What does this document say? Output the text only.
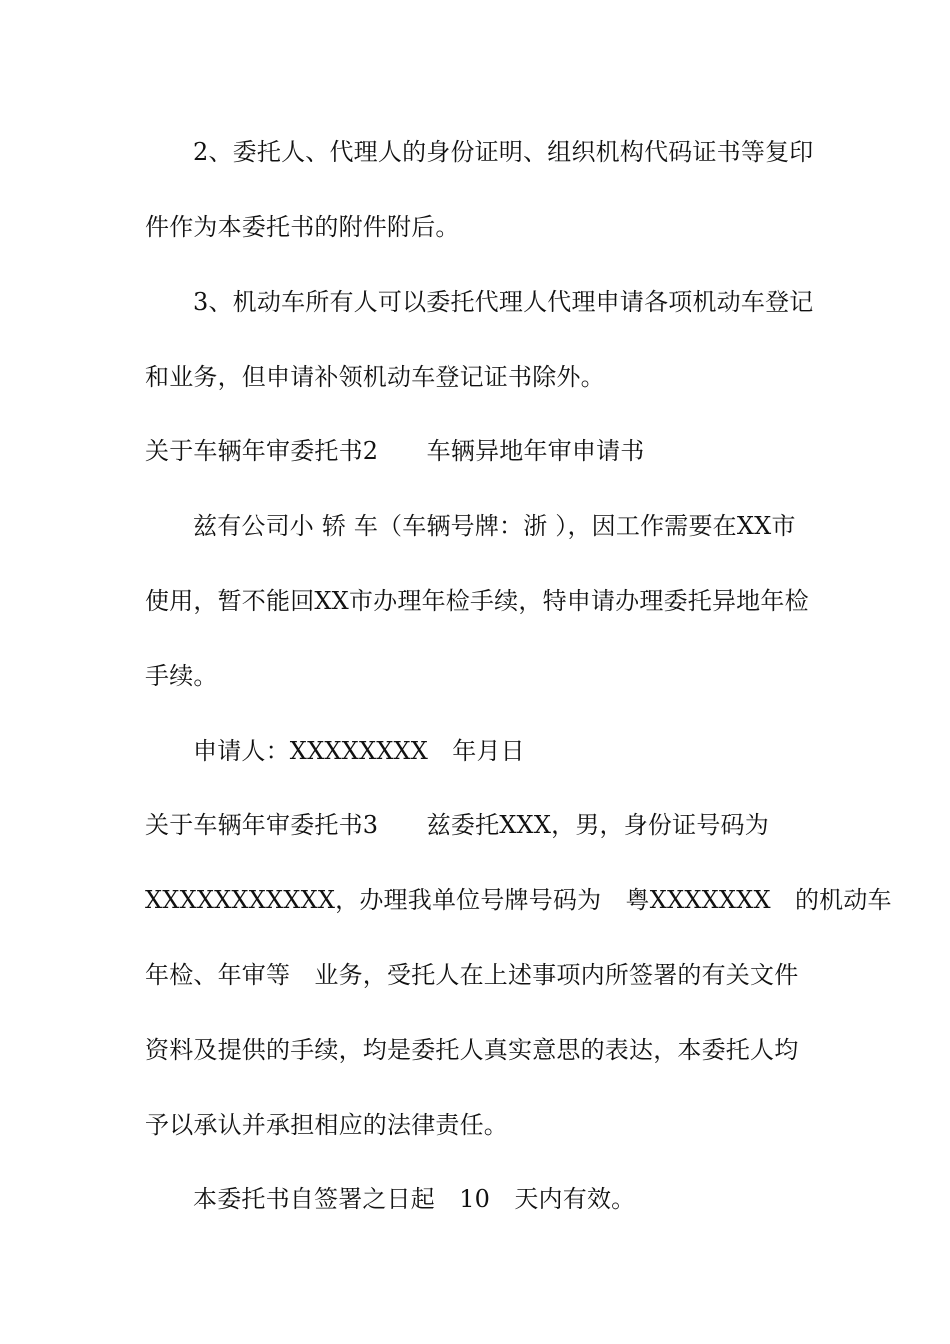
2、委托人、代理人的身份证明、组织机构代码证书等复印
件作为本委托书的附件附后。
3、机动车所有人可以委托代理人代理申请各项机动车登记
和业务，但申请补领机动车登记证书除外。
关于车辆年审委托书2　　车辆异地年审申请书
兹有公司小 轿 车（车辆号牌：浙 ），因工作需要在XX市
使用，暂不能回XX市办理年检手续，特申请办理委托异地年检
手续。
申请人：XXXXXXXX　年月日
关于车辆年审委托书3　　兹委托XXX，男，身份证号码为
XXXXXXXXXXX，办理我单位号牌号码为　粤XXXXXXX　的机动车
年检、年审等　业务，受托人在上述事项内所签署的有关文件
资料及提供的手续，均是委托人真实意思的表达，本委托人均
予以承认并承担相应的法律责任。
本委托书自签署之日起　10　天内有效。
